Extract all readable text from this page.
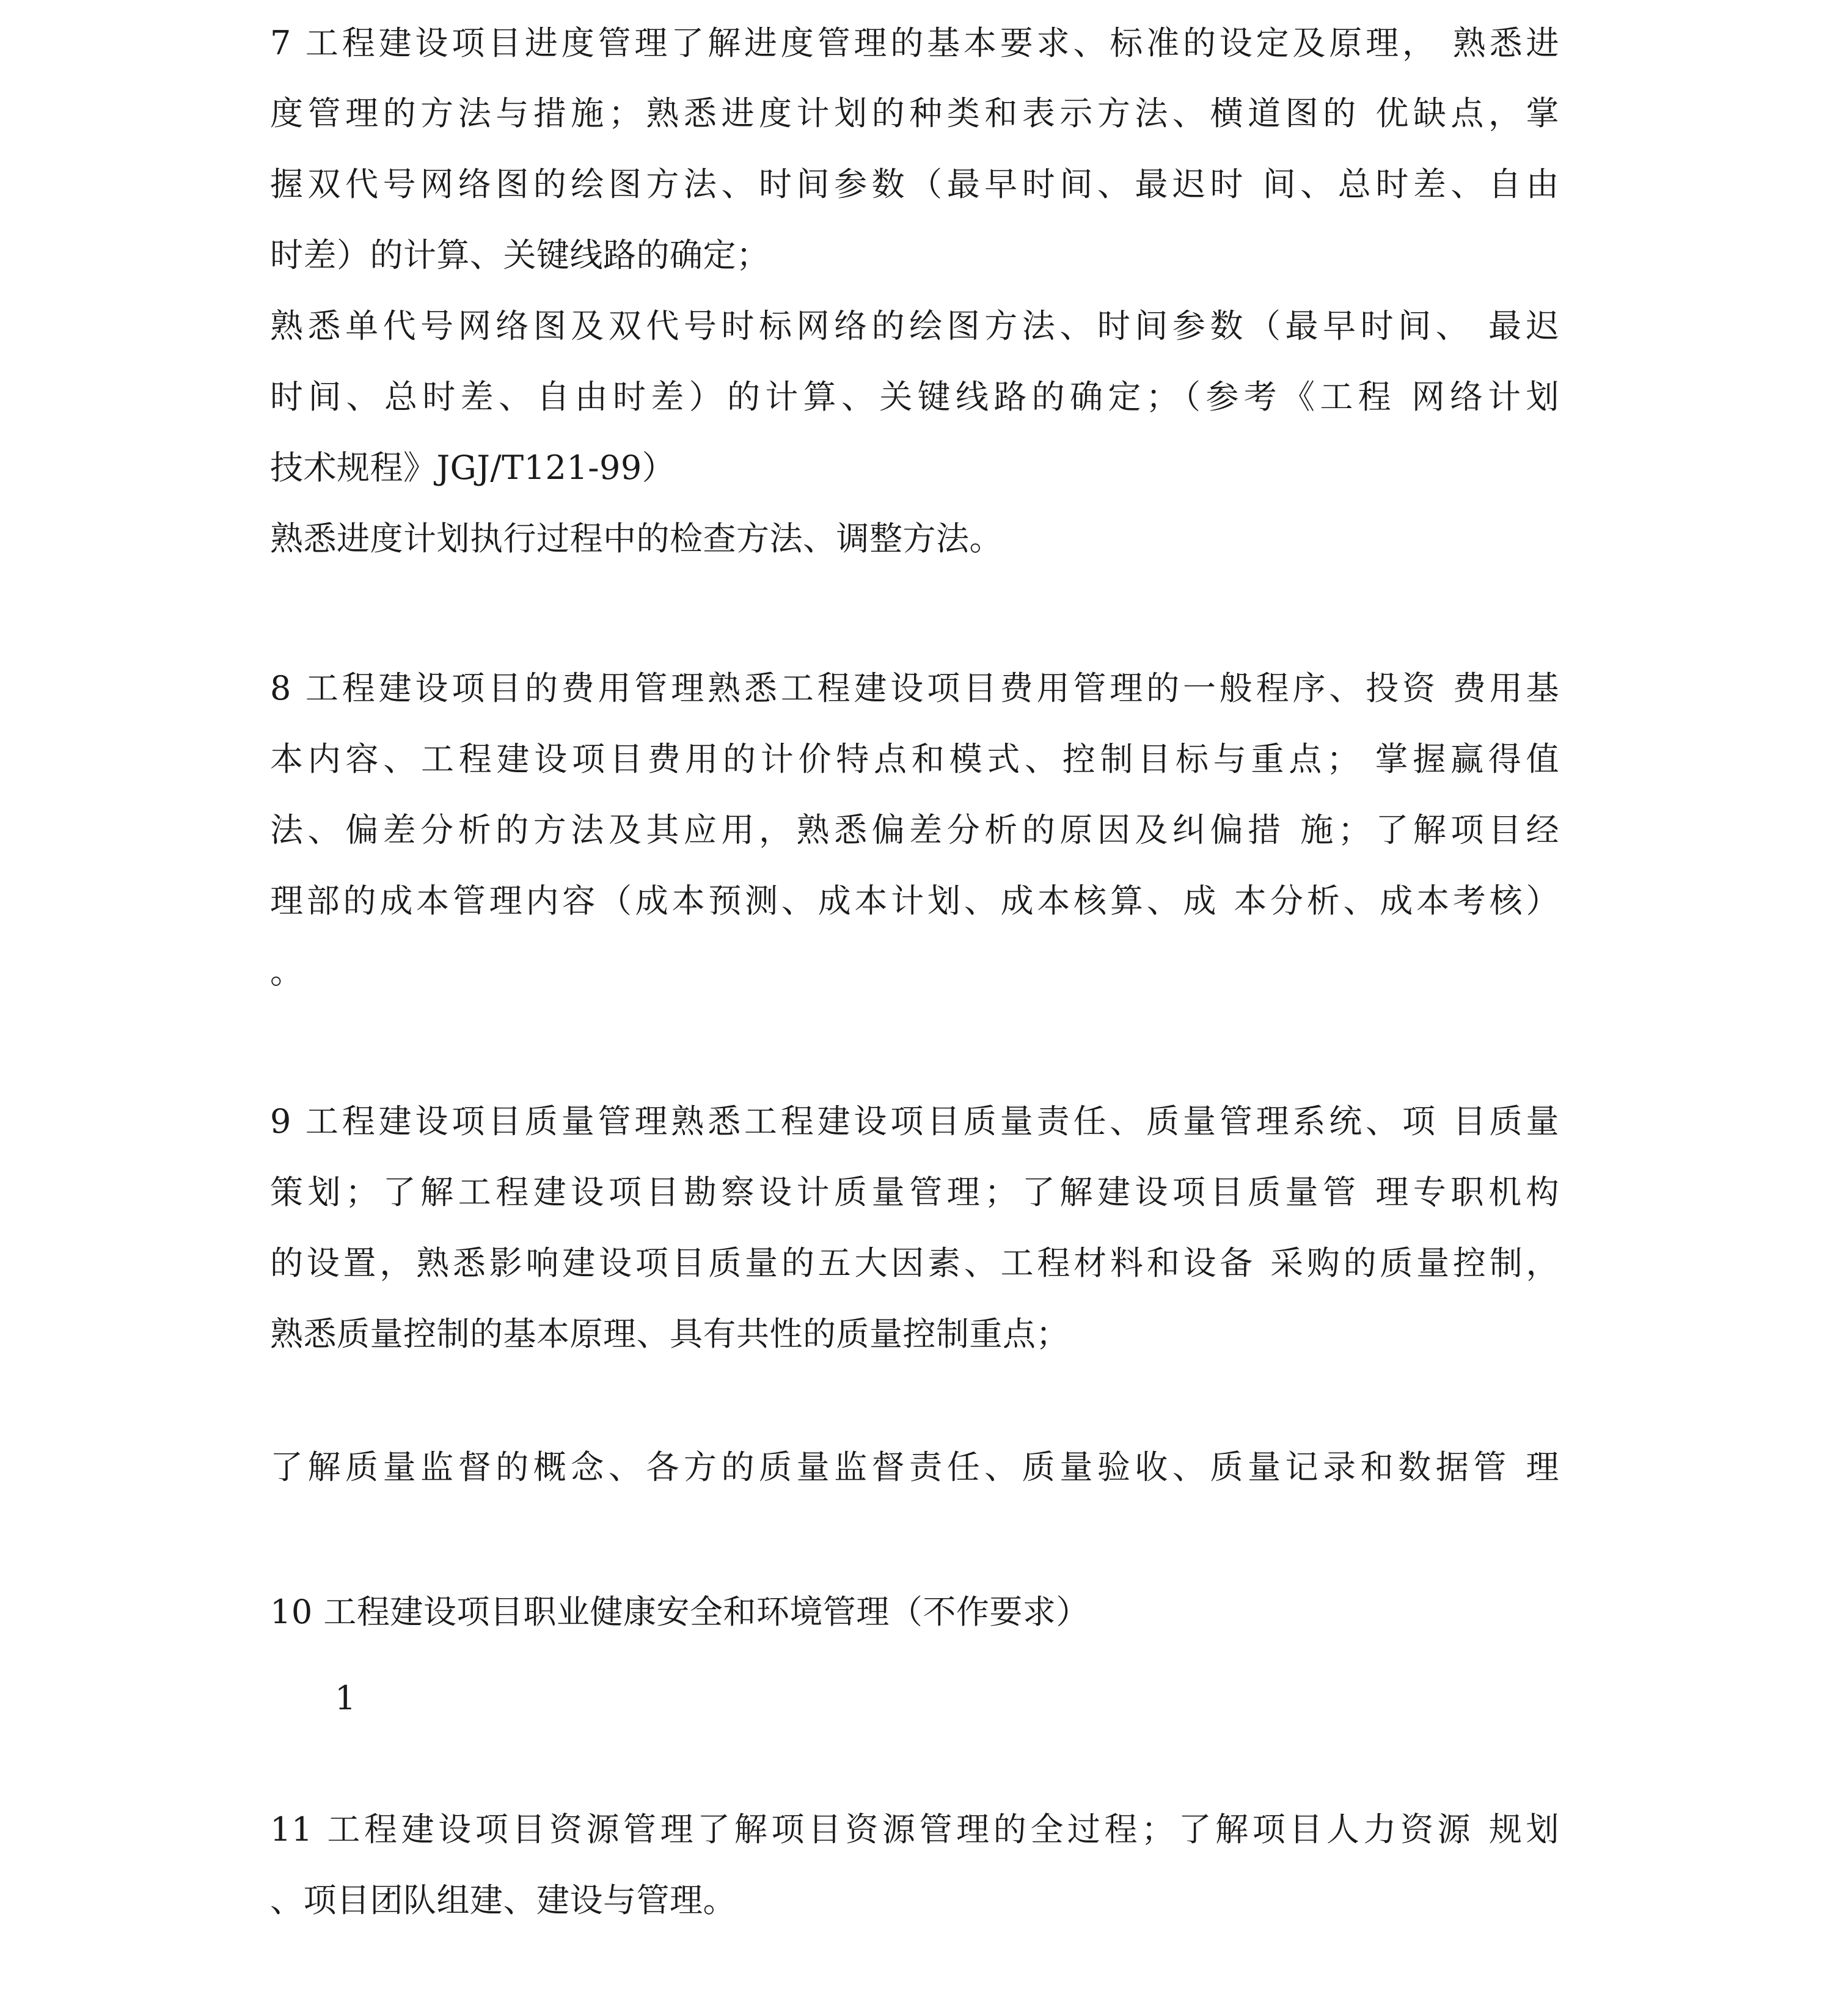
7 工程建设项目进度管理了解进度管理的基本要求、标准的设定及原理， 熟悉进
度管理的方法与措施；熟悉进度计划的种类和表示方法、横道图的 优缺点，掌
握双代号网络图的绘图方法、时间参数（最早时间、最迟时 间、总时差、自由
时差）的计算、关键线路的确定；
熟悉单代号网络图及双代号时标网络的绘图方法、时间参数（最早时间、 最迟
时间、总时差、自由时差）的计算、关键线路的确定；（参考《工程 网络计划
技术规程》JGJ/T121-99）
熟悉进度计划执行过程中的检查方法、调整方法。
8 工程建设项目的费用管理熟悉工程建设项目费用管理的一般程序、投资 费用基
本内容、工程建设项目费用的计价特点和模式、控制目标与重点； 掌握赢得值
法、偏差分析的方法及其应用，熟悉偏差分析的原因及纠偏措 施；了解项目经
理部的成本管理内容（成本预测、成本计划、成本核算、成 本分析、成本考核）
。
9 工程建设项目质量管理熟悉工程建设项目质量责任、质量管理系统、项 目质量
策划；了解工程建设项目勘察设计质量管理；了解建设项目质量管 理专职机构
的设置，熟悉影响建设项目质量的五大因素、工程材料和设备 采购的质量控制，
熟悉质量控制的基本原理、具有共性的质量控制重点；
了解质量监督的概念、各方的质量监督责任、质量验收、质量记录和数据管 理
10 工程建设项目职业健康安全和环境管理（不作要求）
1
11 工程建设项目资源管理了解项目资源管理的全过程；了解项目人力资源 规划
、项目团队组建、建设与管理。
